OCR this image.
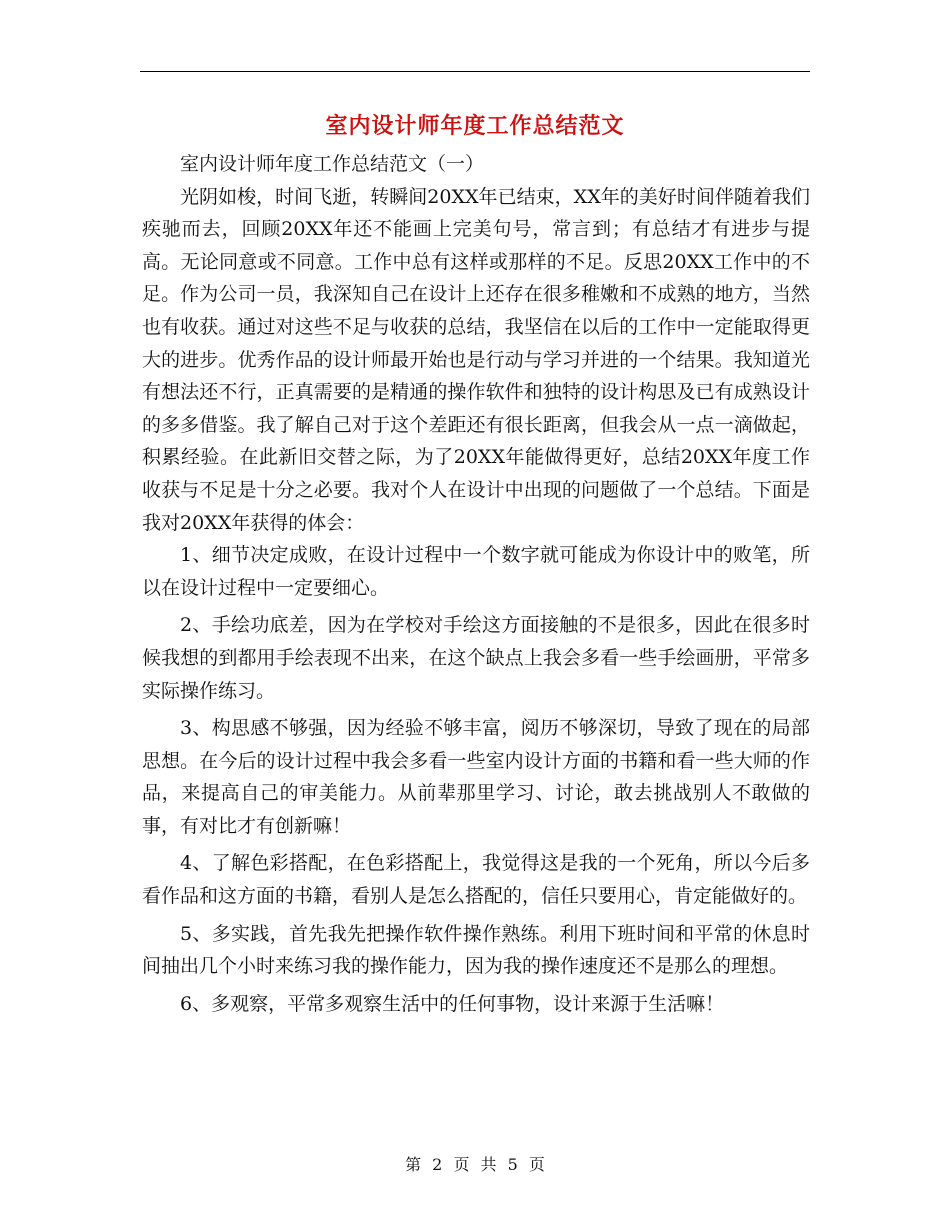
室内设计师年度工作总结范文

室内设计师年度工作总结范文（一）

光阴如梭，时间飞逝，转瞬间20XX年已结束，XX年的美好时间伴随着我们疾驰而去，回顾20XX年还不能画上完美句号，常言到；有总结才有进步与提高。无论同意或不同意。工作中总有这样或那样的不足。反思20XX工作中的不足。作为公司一员，我深知自己在设计上还存在很多稚嫩和不成熟的地方，当然也有收获。通过对这些不足与收获的总结，我坚信在以后的工作中一定能取得更大的进步。优秀作品的设计师最开始也是行动与学习并进的一个结果。我知道光有想法还不行，正真需要的是精通的操作软件和独特的设计构思及已有成熟设计的多多借鉴。我了解自己对于这个差距还有很长距离，但我会从一点一滴做起，积累经验。在此新旧交替之际，为了20XX年能做得更好，总结20XX年度工作收获与不足是十分之必要。我对个人在设计中出现的问题做了一个总结。下面是我对20XX年获得的体会：

1、细节决定成败，在设计过程中一个数字就可能成为你设计中的败笔，所以在设计过程中一定要细心。

2、手绘功底差，因为在学校对手绘这方面接触的不是很多，因此在很多时候我想的到都用手绘表现不出来，在这个缺点上我会多看一些手绘画册，平常多实际操作练习。

3、构思感不够强，因为经验不够丰富，阅历不够深切，导致了现在的局部思想。在今后的设计过程中我会多看一些室内设计方面的书籍和看一些大师的作品，来提高自己的审美能力。从前辈那里学习、讨论，敢去挑战别人不敢做的事，有对比才有创新嘛！

4、了解色彩搭配，在色彩搭配上，我觉得这是我的一个死角，所以今后多看作品和这方面的书籍，看别人是怎么搭配的，信任只要用心，肯定能做好的。

5、多实践，首先我先把操作软件操作熟练。利用下班时间和平常的休息时间抽出几个小时来练习我的操作能力，因为我的操作速度还不是那么的理想。

6、多观察，平常多观察生活中的任何事物，设计来源于生活嘛！

第 2 页 共 5 页
